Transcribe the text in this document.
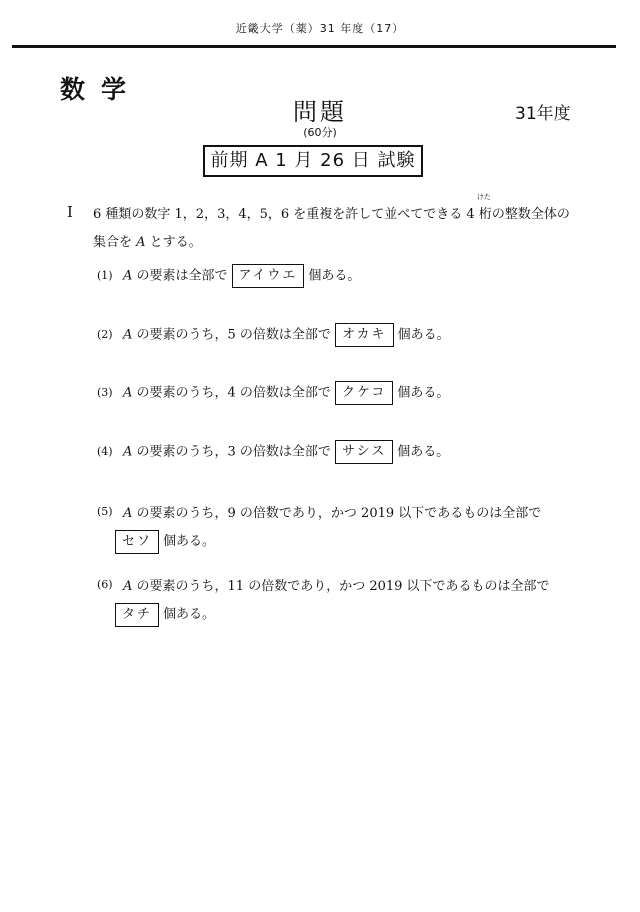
近畿大学（薬）31 年度（17）
数学
問題
(60分)
31年度
前期 A 1 月 26 日 試験
I 6 種類の数字 1，2，3，4，5，6 を重複を許して並べてできる 4
けた
桁の整数全体の
集合を A とする。
(1) A の要素は全部で アイウエ 個ある。
(2) A の要素のうち，5 の倍数は全部で オカキ 個ある。
(3) A の要素のうち，4 の倍数は全部で クケコ 個ある。
(4) A の要素のうち，3 の倍数は全部で サシス 個ある。
(5) A の要素のうち，9 の倍数であり，かつ 2019 以下であるものは全部で
セソ 個ある。
(6) A の要素のうち，11 の倍数であり，かつ 2019 以下であるものは全部で
タチ 個ある。
